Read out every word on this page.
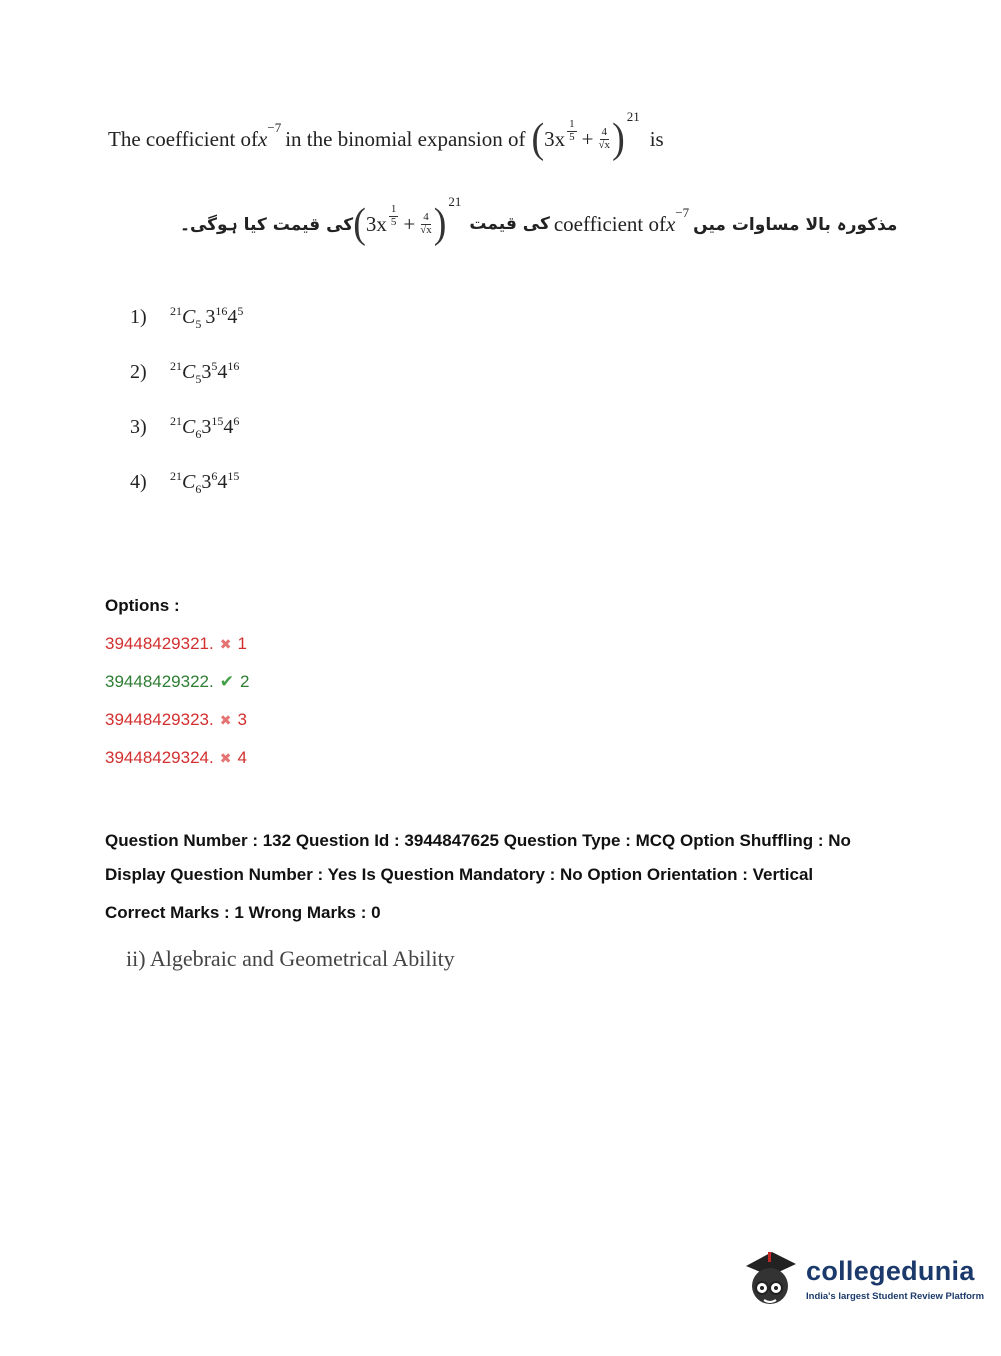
The coefficient of x −7 in the binomial expansion of ( $3x \frac{1}{5} + \frac{4}{√x}$ ) 21
is
کی قیمت کیا ہوگی۔ ( $3x \frac{1}{5} + \frac{4}{√x}$ ) 21
کی قیمت coefficient of x −7
مذکورہ بالا مساوات میں
1)	21 C 5 3 16 4 5
2)	21 C 5 3 5 4 16
3)	21 C 6 3 15 4 6
4)	21 C 6 3 6 4 15
Options :
39448429321. ✖ 1
39448429322. ✔ 2
39448429323. ✖ 3
39448429324. ✖ 4
Question Number : 132 Question Id : 3944847625 Question Type : MCQ Option Shuffling : No
Display Question Number : Yes Is Question Mandatory : No Option Orientation : Vertical
Correct Marks : 1 Wrong Marks : 0
ii) Algebraic and Geometrical Ability
collegedunia
India's largest Student Review Platform
